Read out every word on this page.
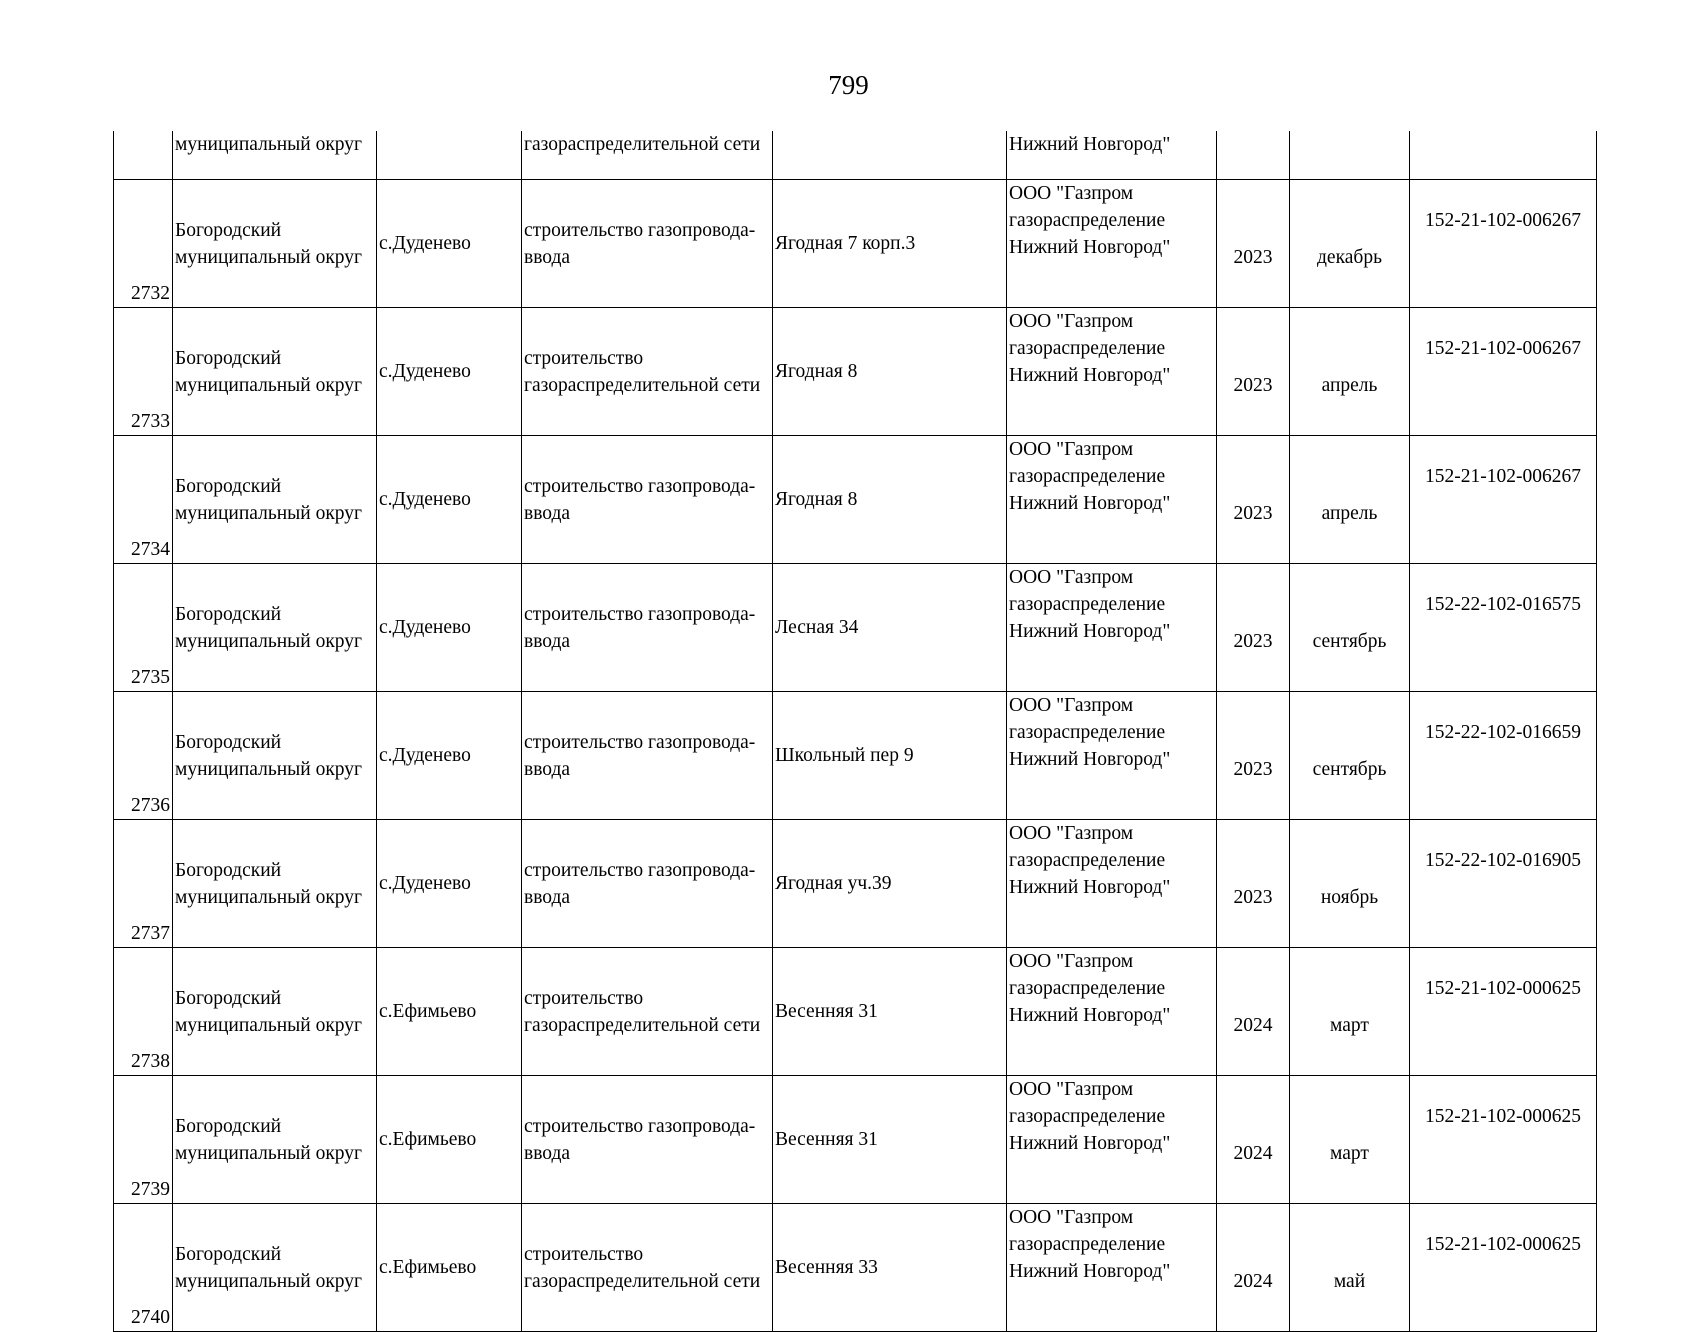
799
	муниципальный округ		газораспределительной сети		Нижний Новгород"			
2732	Богородский
муниципальный округ	с.Дуденево	строительство газопровода-
ввода	Ягодная 7 корп.3	ООО "Газпром
газораспределение
Нижний Новгород"	2023	декабрь	152-21-102-006267
2733	Богородский
муниципальный округ	с.Дуденево	строительство
газораспределительной сети	Ягодная 8	ООО "Газпром
газораспределение
Нижний Новгород"	2023	апрель	152-21-102-006267
2734	Богородский
муниципальный округ	с.Дуденево	строительство газопровода-
ввода	Ягодная 8	ООО "Газпром
газораспределение
Нижний Новгород"	2023	апрель	152-21-102-006267
2735	Богородский
муниципальный округ	с.Дуденево	строительство газопровода-
ввода	Лесная 34	ООО "Газпром
газораспределение
Нижний Новгород"	2023	сентябрь	152-22-102-016575
2736	Богородский
муниципальный округ	с.Дуденево	строительство газопровода-
ввода	Школьный пер 9	ООО "Газпром
газораспределение
Нижний Новгород"	2023	сентябрь	152-22-102-016659
2737	Богородский
муниципальный округ	с.Дуденево	строительство газопровода-
ввода	Ягодная уч.39	ООО "Газпром
газораспределение
Нижний Новгород"	2023	ноябрь	152-22-102-016905
2738	Богородский
муниципальный округ	с.Ефимьево	строительство
газораспределительной сети	Весенняя 31	ООО "Газпром
газораспределение
Нижний Новгород"	2024	март	152-21-102-000625
2739	Богородский
муниципальный округ	с.Ефимьево	строительство газопровода-
ввода	Весенняя 31	ООО "Газпром
газораспределение
Нижний Новгород"	2024	март	152-21-102-000625
2740	Богородский
муниципальный округ	с.Ефимьево	строительство
газораспределительной сети	Весенняя 33	ООО "Газпром
газораспределение
Нижний Новгород"	2024	май	152-21-102-000625
